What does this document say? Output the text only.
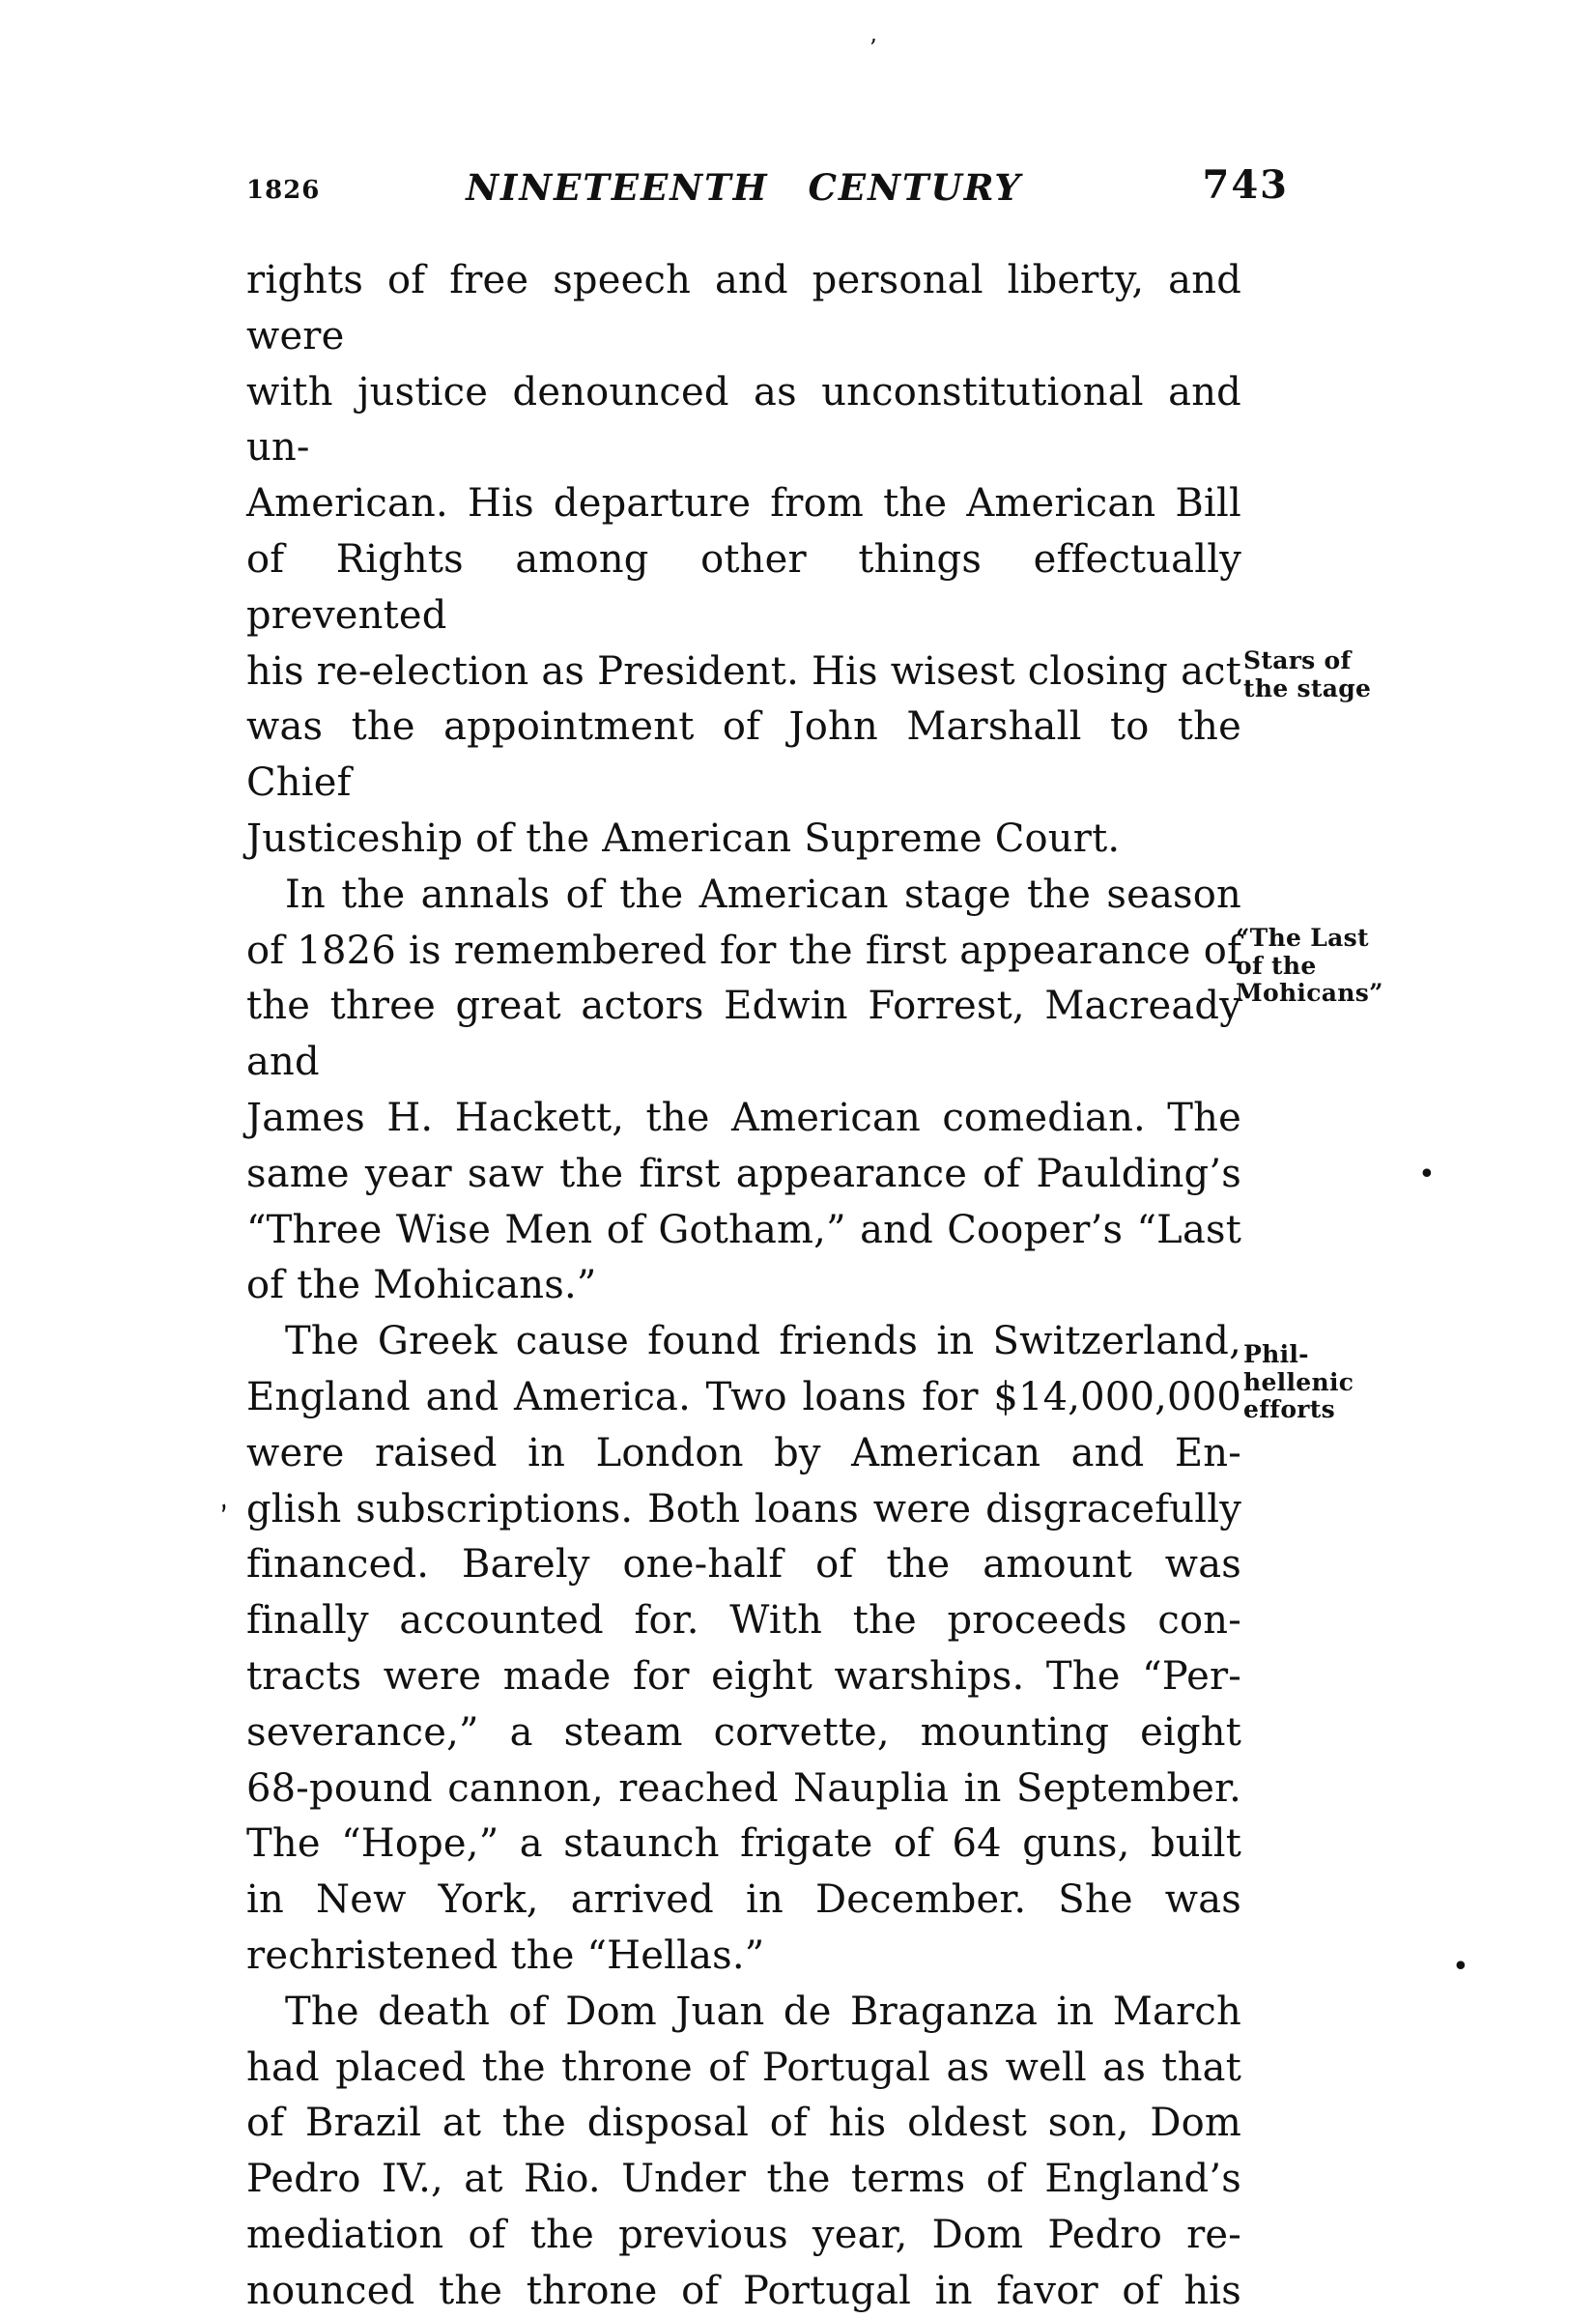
1826	NINETEENTH CENTURY	743
rights of free speech and personal liberty, and were
with justice denounced as unconstitutional and un-
American. His departure from the American Bill
of Rights among other things effectually prevented
his re-election as President. His wisest closing act
was the appointment of John Marshall to the Chief
Justiceship of the American Supreme Court.
In the annals of the American stage the season
of 1826 is remembered for the first appearance of
the three great actors Edwin Forrest, Macready and
James H. Hackett, the American comedian. The
same year saw the first appearance of Paulding’s
“Three Wise Men of Gotham,” and Cooper’s “Last
of the Mohicans.”
The Greek cause found friends in Switzerland,
England and America. Two loans for $14,000,000
were raised in London by American and En-
glish subscriptions. Both loans were disgracefully
financed. Barely one-half of the amount was
finally accounted for. With the proceeds con-
tracts were made for eight warships. The “Per-
severance,” a steam corvette, mounting eight
68-pound cannon, reached Nauplia in September.
The “Hope,” a staunch frigate of 64 guns, built
in New York, arrived in December. She was
rechristened the “Hellas.”
The death of Dom Juan de Braganza in March
had placed the throne of Portugal as well as that
of Brazil at the disposal of his oldest son, Dom
Pedro IV., at Rio. Under the terms of England’s
mediation of the previous year, Dom Pedro re-
nounced the throne of Portugal in favor of his
Stars of
the stage
“The Last
of the
Mohicans”
Phil-
hellenic
efforts
’
•
•
‚
